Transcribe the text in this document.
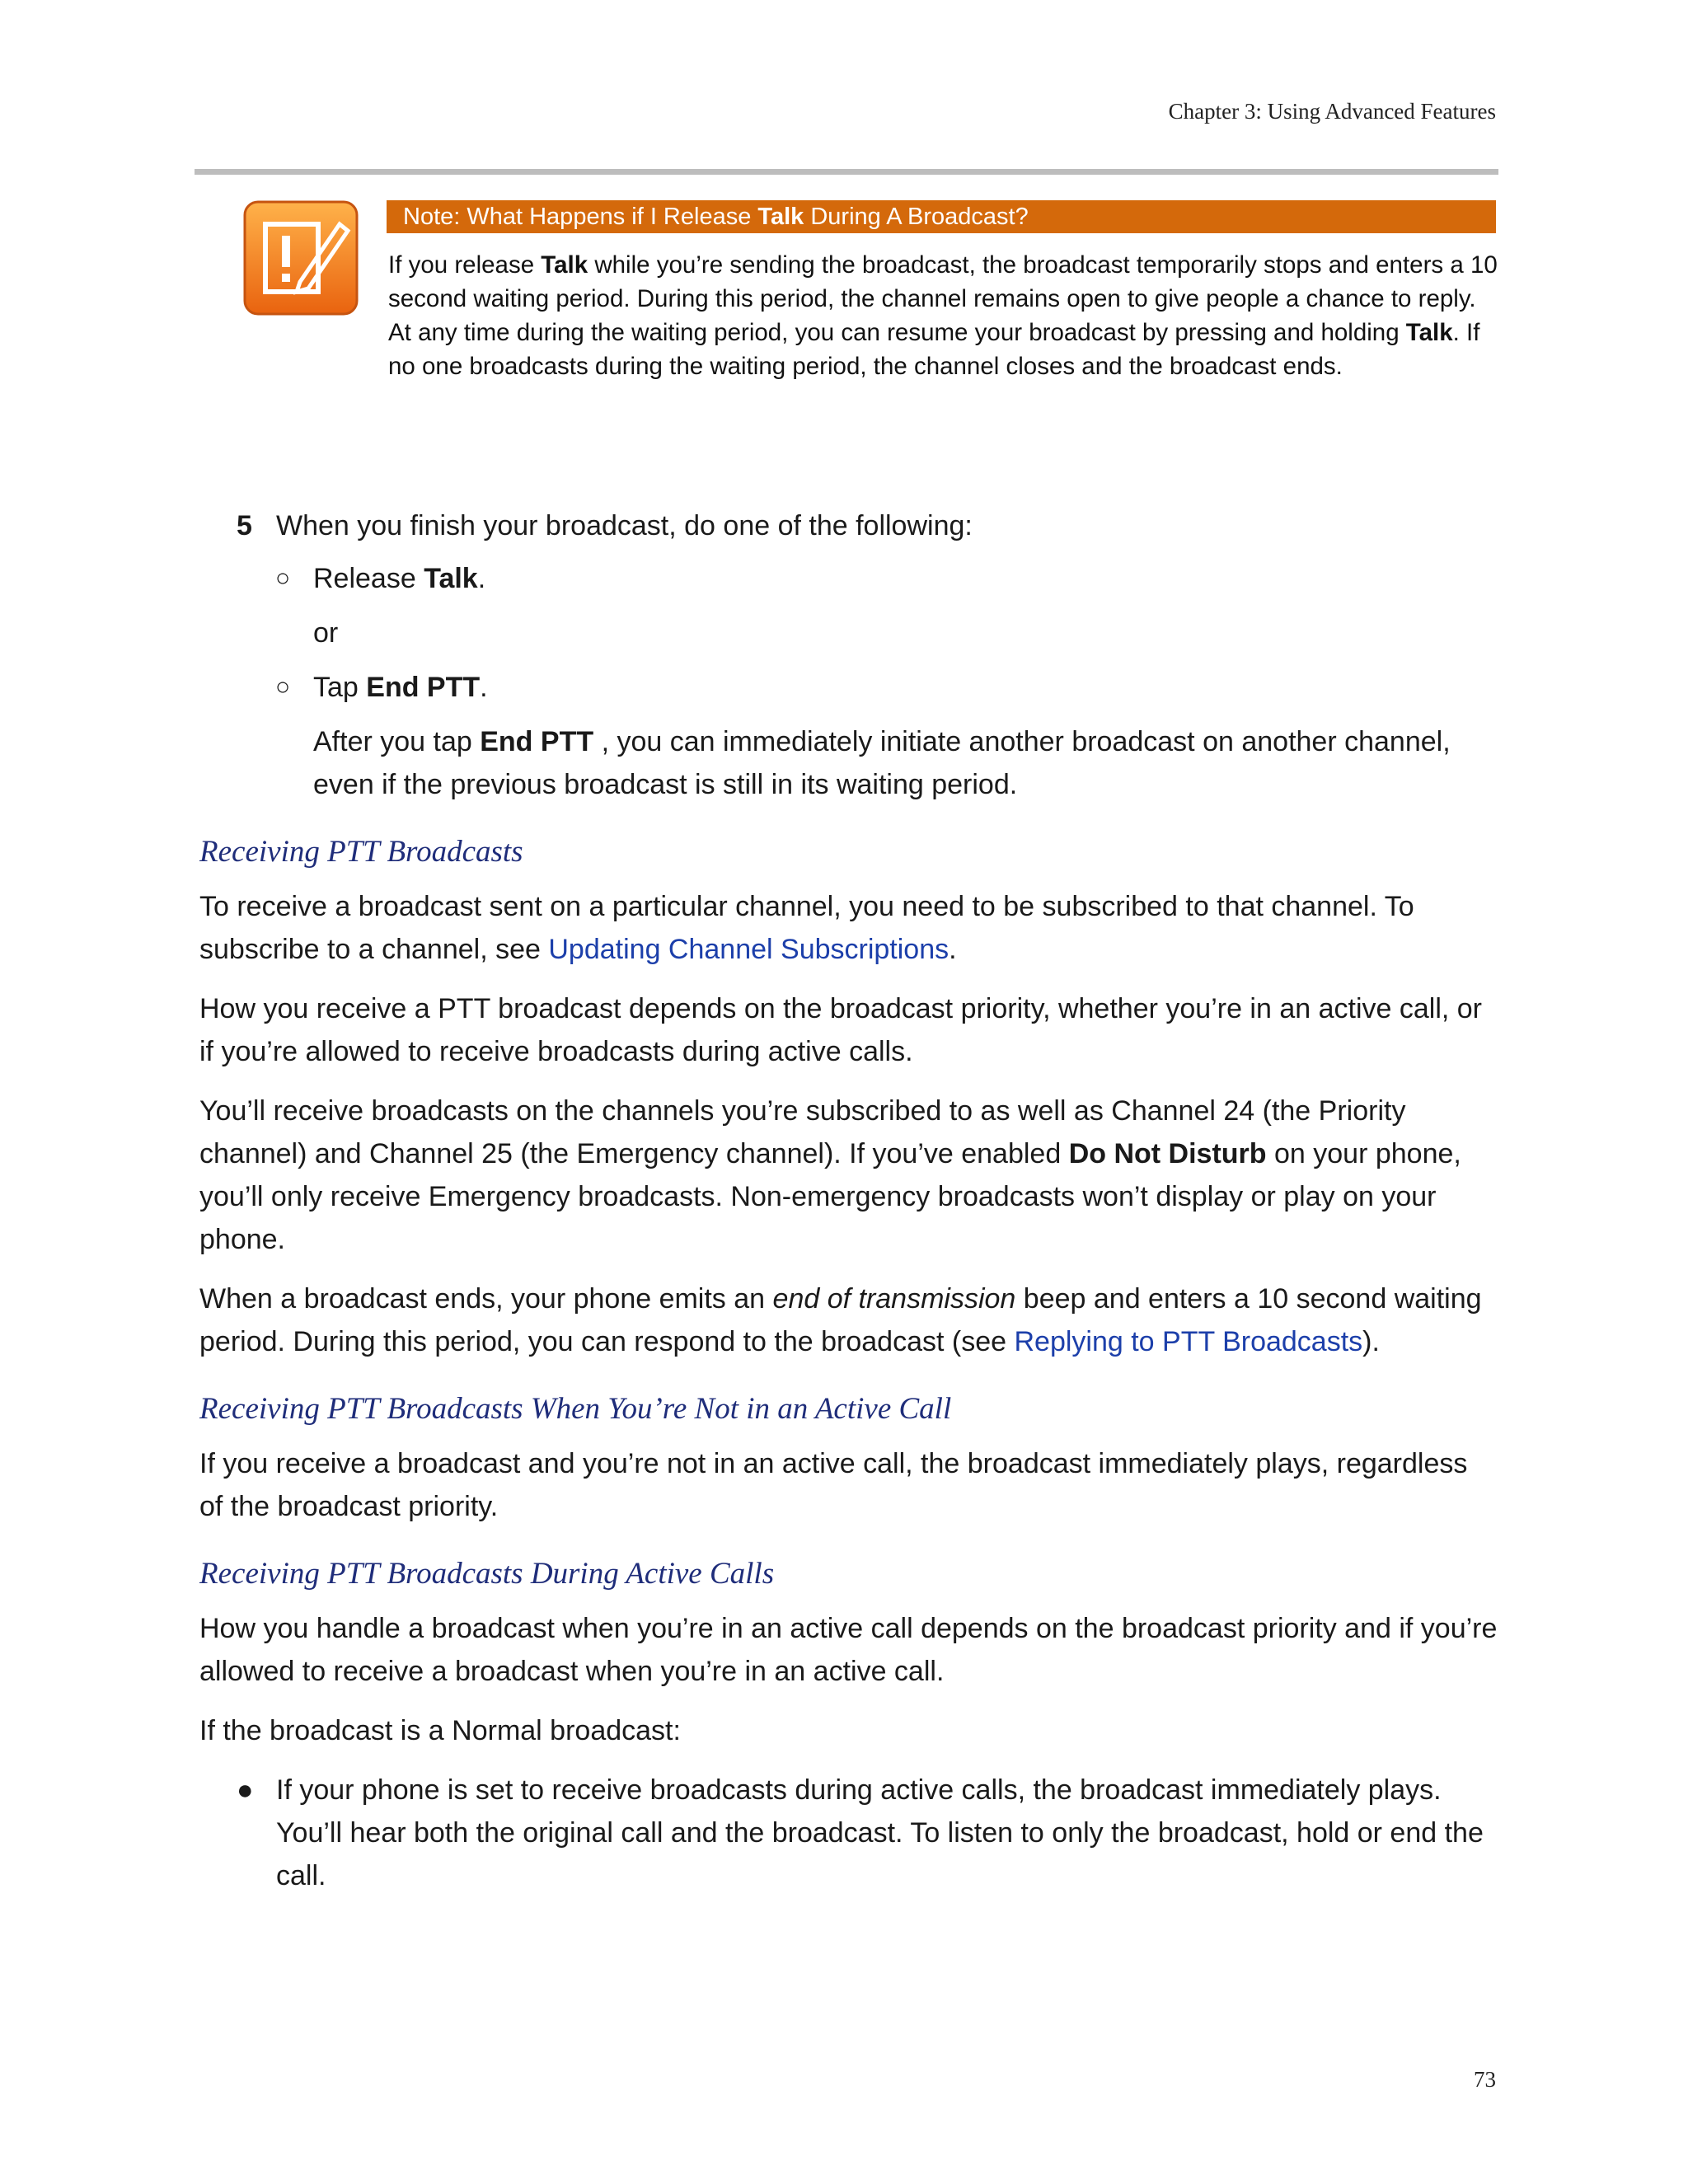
Chapter 3: Using Advanced Features
Note: What Happens if I Release Talk During A Broadcast?
If you release Talk while you’re sending the broadcast, the broadcast temporarily stops and enters a 10 second waiting period. During this period, the channel remains open to give people a chance to reply. At any time during the waiting period, you can resume your broadcast by pressing and holding Talk. If no one broadcasts during the waiting period, the channel closes and the broadcast ends.
5 When you finish your broadcast, do one of the following:
○ Release Talk.
or
○ Tap End PTT.
After you tap End PTT , you can immediately initiate another broadcast on another channel, even if the previous broadcast is still in its waiting period.
Receiving PTT Broadcasts

To receive a broadcast sent on a particular channel, you need to be subscribed to that channel. To subscribe to a channel, see Updating Channel Subscriptions.

How you receive a PTT broadcast depends on the broadcast priority, whether you’re in an active call, or if you’re allowed to receive broadcasts during active calls.

You’ll receive broadcasts on the channels you’re subscribed to as well as Channel 24 (the Priority channel) and Channel 25 (the Emergency channel). If you’ve enabled Do Not Disturb on your phone, you’ll only receive Emergency broadcasts. Non-emergency broadcasts won’t display or play on your phone.

When a broadcast ends, your phone emits an end of transmission beep and enters a 10 second waiting period. During this period, you can respond to the broadcast (see Replying to PTT Broadcasts).

Receiving PTT Broadcasts When You’re Not in an Active Call

If you receive a broadcast and you’re not in an active call, the broadcast immediately plays, regardless of the broadcast priority.

Receiving PTT Broadcasts During Active Calls

How you handle a broadcast when you’re in an active call depends on the broadcast priority and if you’re allowed to receive a broadcast when you’re in an active call.

If the broadcast is a Normal broadcast:

● If your phone is set to receive broadcasts during active calls, the broadcast immediately plays. You’ll hear both the original call and the broadcast. To listen to only the broadcast, hold or end the call.
73
